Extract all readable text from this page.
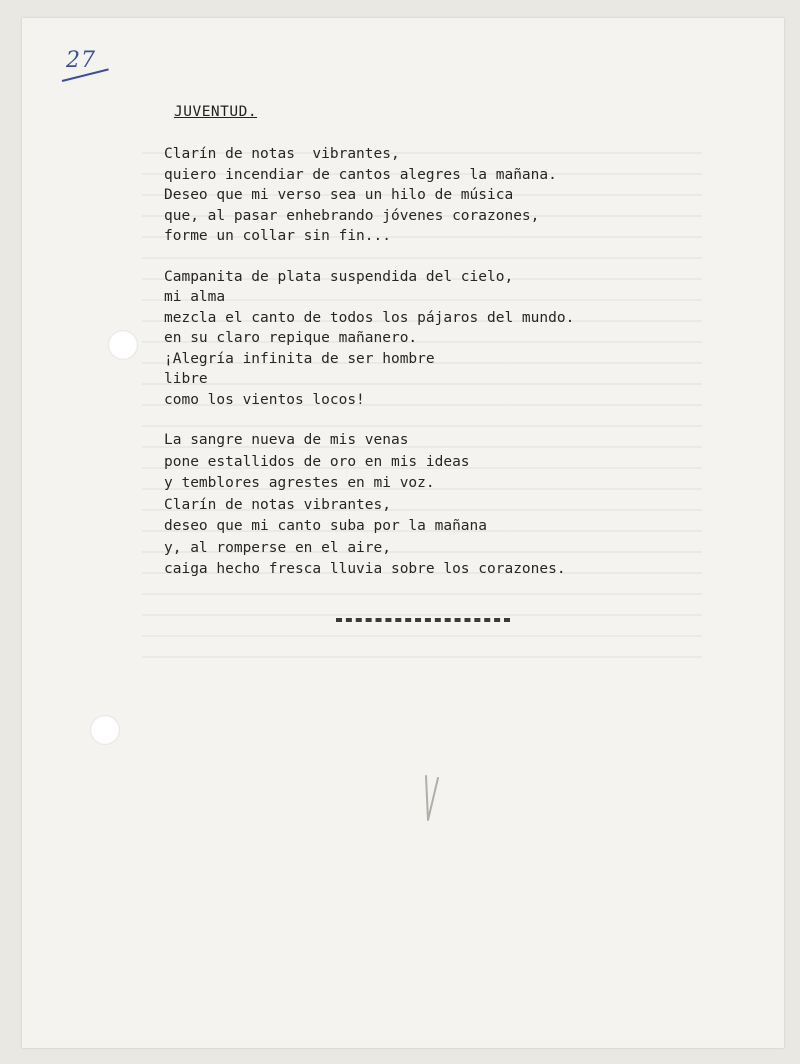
27
JUVENTUD.
Clarín de notas  vibrantes,
quiero incendiar de cantos alegres la mañana.
Deseo que mi verso sea un hilo de música
que, al pasar enhebrando jóvenes corazones,
forme un collar sin fin...
Campanita de plata suspendida del cielo,
mi alma
mezcla el canto de todos los pájaros del mundo.
en su claro repique mañanero.
¡Alegría infinita de ser hombre
libre
como los vientos locos!
La sangre nueva de mis venas
pone estallidos de oro en mis ideas
y temblores agrestes en mi voz.
Clarín de notas vibrantes,
deseo que mi canto suba por la mañana
y, al romperse en el aire,
caiga hecho fresca lluvia sobre los corazones.
